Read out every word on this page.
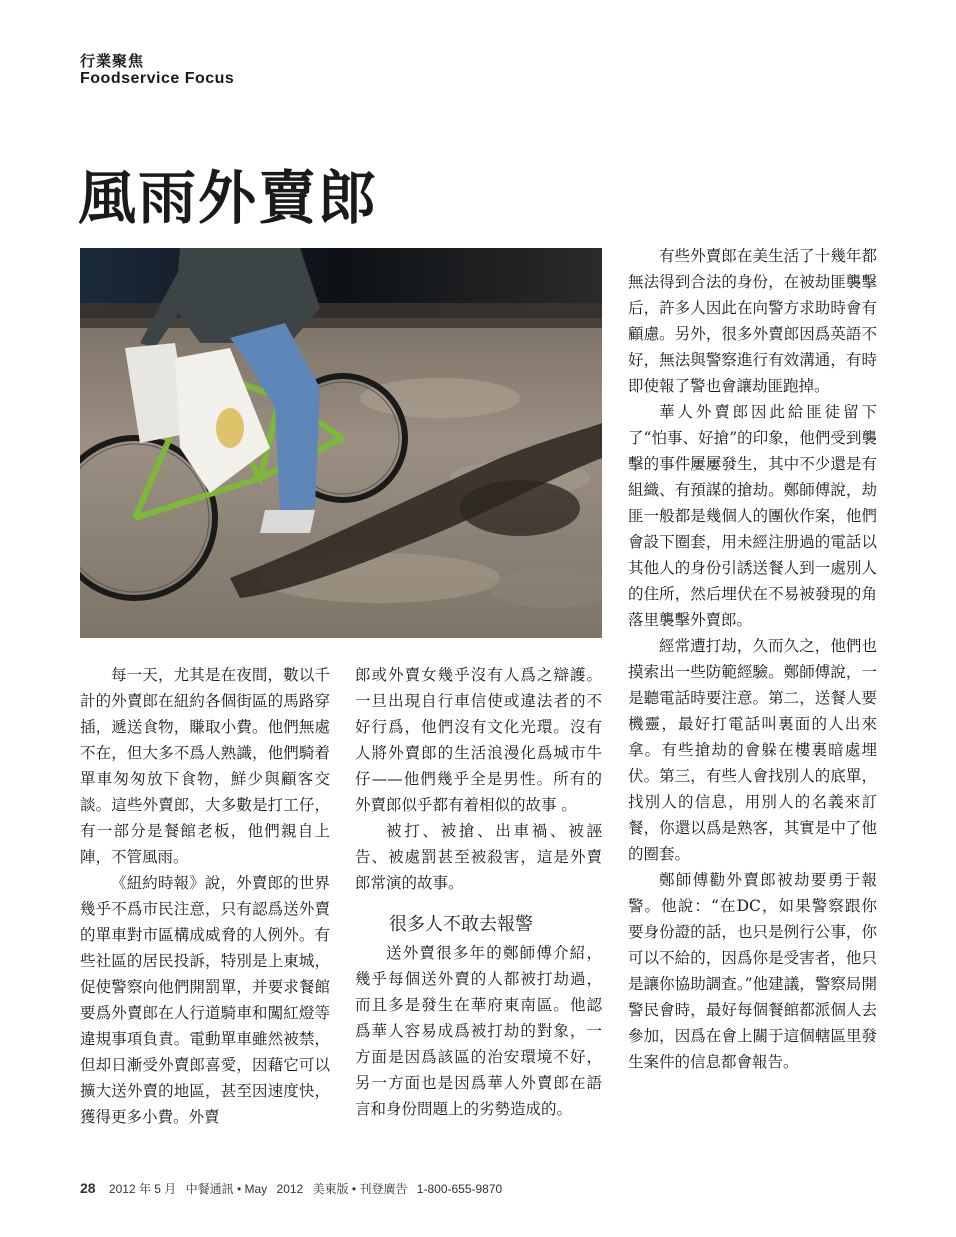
行業聚焦
Foodservice Focus
風雨外賣郎

每一天，尤其是在夜間，數以千計的外賣郎在紐約各個街區的馬路穿插，遞送食物，賺取小費。他們無處不在，但大多不爲人熟識，他們騎着單車匆匆放下食物，鮮少與顧客交談。這些外賣郎，大多數是打工仔，有一部分是餐館老板，他們親自上陣，不管風雨。

《紐約時報》說，外賣郎的世界幾乎不爲市民注意，只有認爲送外賣的單車對市區構成威脅的人例外。有些社區的居民投訴，特別是上東城，促使警察向他們開罰單，并要求餐館要爲外賣郎在人行道騎車和闖紅燈等違規事項負責。電動單車雖然被禁，但却日漸受外賣郎喜愛，因藉它可以擴大送外賣的地區，甚至因速度快，獲得更多小費。外賣

郎或外賣女幾乎沒有人爲之辯護。一旦出現自行車信使或違法者的不好行爲，他們沒有文化光環。沒有人將外賣郎的生活浪漫化爲城市牛仔——他們幾乎全是男性。所有的外賣郎似乎都有着相似的故事 。

被打、被搶、出車禍、被誣告、被處罰甚至被殺害，這是外賣郎常演的故事。

很多人不敢去報警

送外賣很多年的鄭師傅介紹，幾乎每個送外賣的人都被打劫過，而且多是發生在華府東南區。他認爲華人容易成爲被打劫的對象，一方面是因爲該區的治安環境不好，另一方面也是因爲華人外賣郎在語言和身份問題上的劣勢造成的。

有些外賣郎在美生活了十幾年都無法得到合法的身份，在被劫匪襲擊后，許多人因此在向警方求助時會有顧慮。另外，很多外賣郎因爲英語不好，無法與警察進行有效溝通，有時即使報了警也會讓劫匪跑掉。

華人外賣郎因此給匪徒留下了“怕事、好搶”的印象，他們受到襲擊的事件屢屢發生，其中不少還是有組織、有預謀的搶劫。鄭師傅說，劫匪一般都是幾個人的團伙作案，他們會設下圈套，用未經注册過的電話以其他人的身份引誘送餐人到一處別人的住所，然后埋伏在不易被發現的角落里襲擊外賣郎。

經常遭打劫，久而久之，他們也摸索出一些防範經驗。鄭師傅說，一是聽電話時要注意。第二，送餐人要機靈，最好打電話叫裏面的人出來拿。有些搶劫的會躲在樓裏暗處埋伏。第三，有些人會找別人的底單，找別人的信息，用別人的名義來訂餐，你還以爲是熟客，其實是中了他的圈套。

鄭師傅勸外賣郎被劫要勇于報警。他說：“在DC，如果警察跟你要身份證的話，也只是例行公事，你可以不給的，因爲你是受害者，他只是讓你協助調查。”他建議，警察局開警民會時，最好每個餐館都派個人去參加，因爲在會上關于這個轄區里發生案件的信息都會報告。

28 2012 年 5 月 中餐通訊 • May 2012 美東版 • 刊登廣告 1-800-655-9870
